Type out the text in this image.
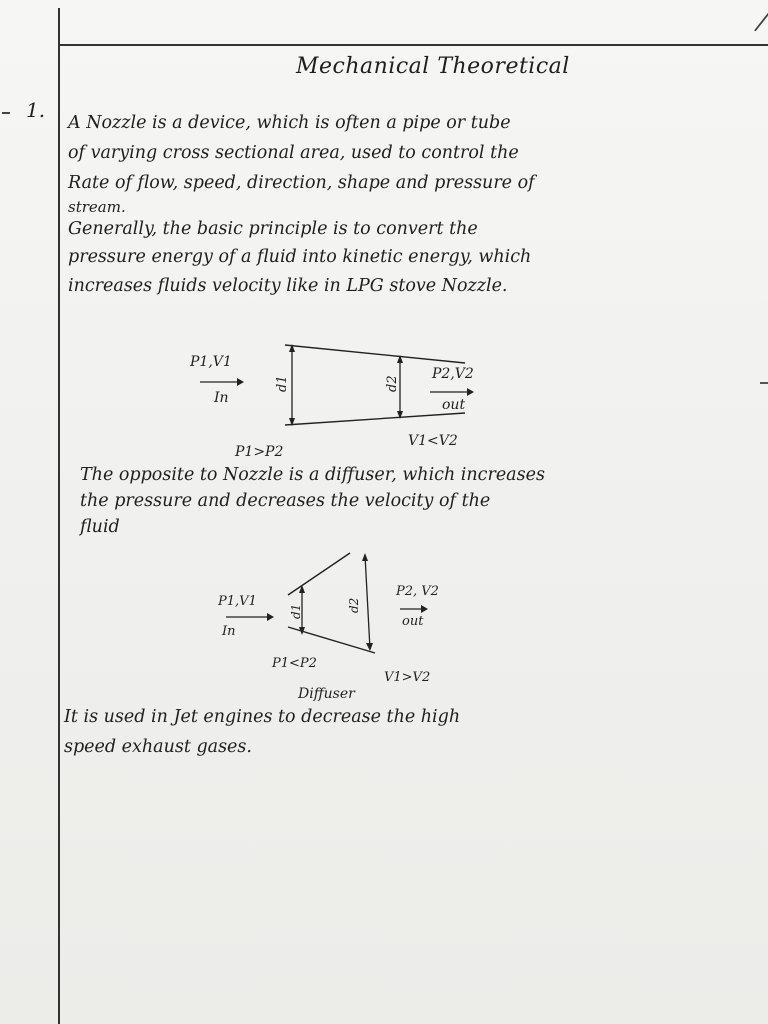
Mechanical Theoretical
1.
A Nozzle is a device, which is often a pipe or tube
of varying cross sectional area, used to control the
Rate of flow, speed, direction, shape and pressure of
stream.
Generally, the basic principle is to convert the
pressure energy of a fluid into kinetic energy, which
increases fluids velocity like in LPG stove Nozzle.
d1	d2
P1,V1
In
P2,V2
out
P1>P2
V1<V2
The opposite to Nozzle is a diffuser, which increases
the pressure and decreases the velocity of the
fluid
d1	d2
P1,V1
In
P2, V2
out
P1<P2
V1>V2
Diffuser
It is used in Jet engines to decrease the high
speed exhaust gases.
